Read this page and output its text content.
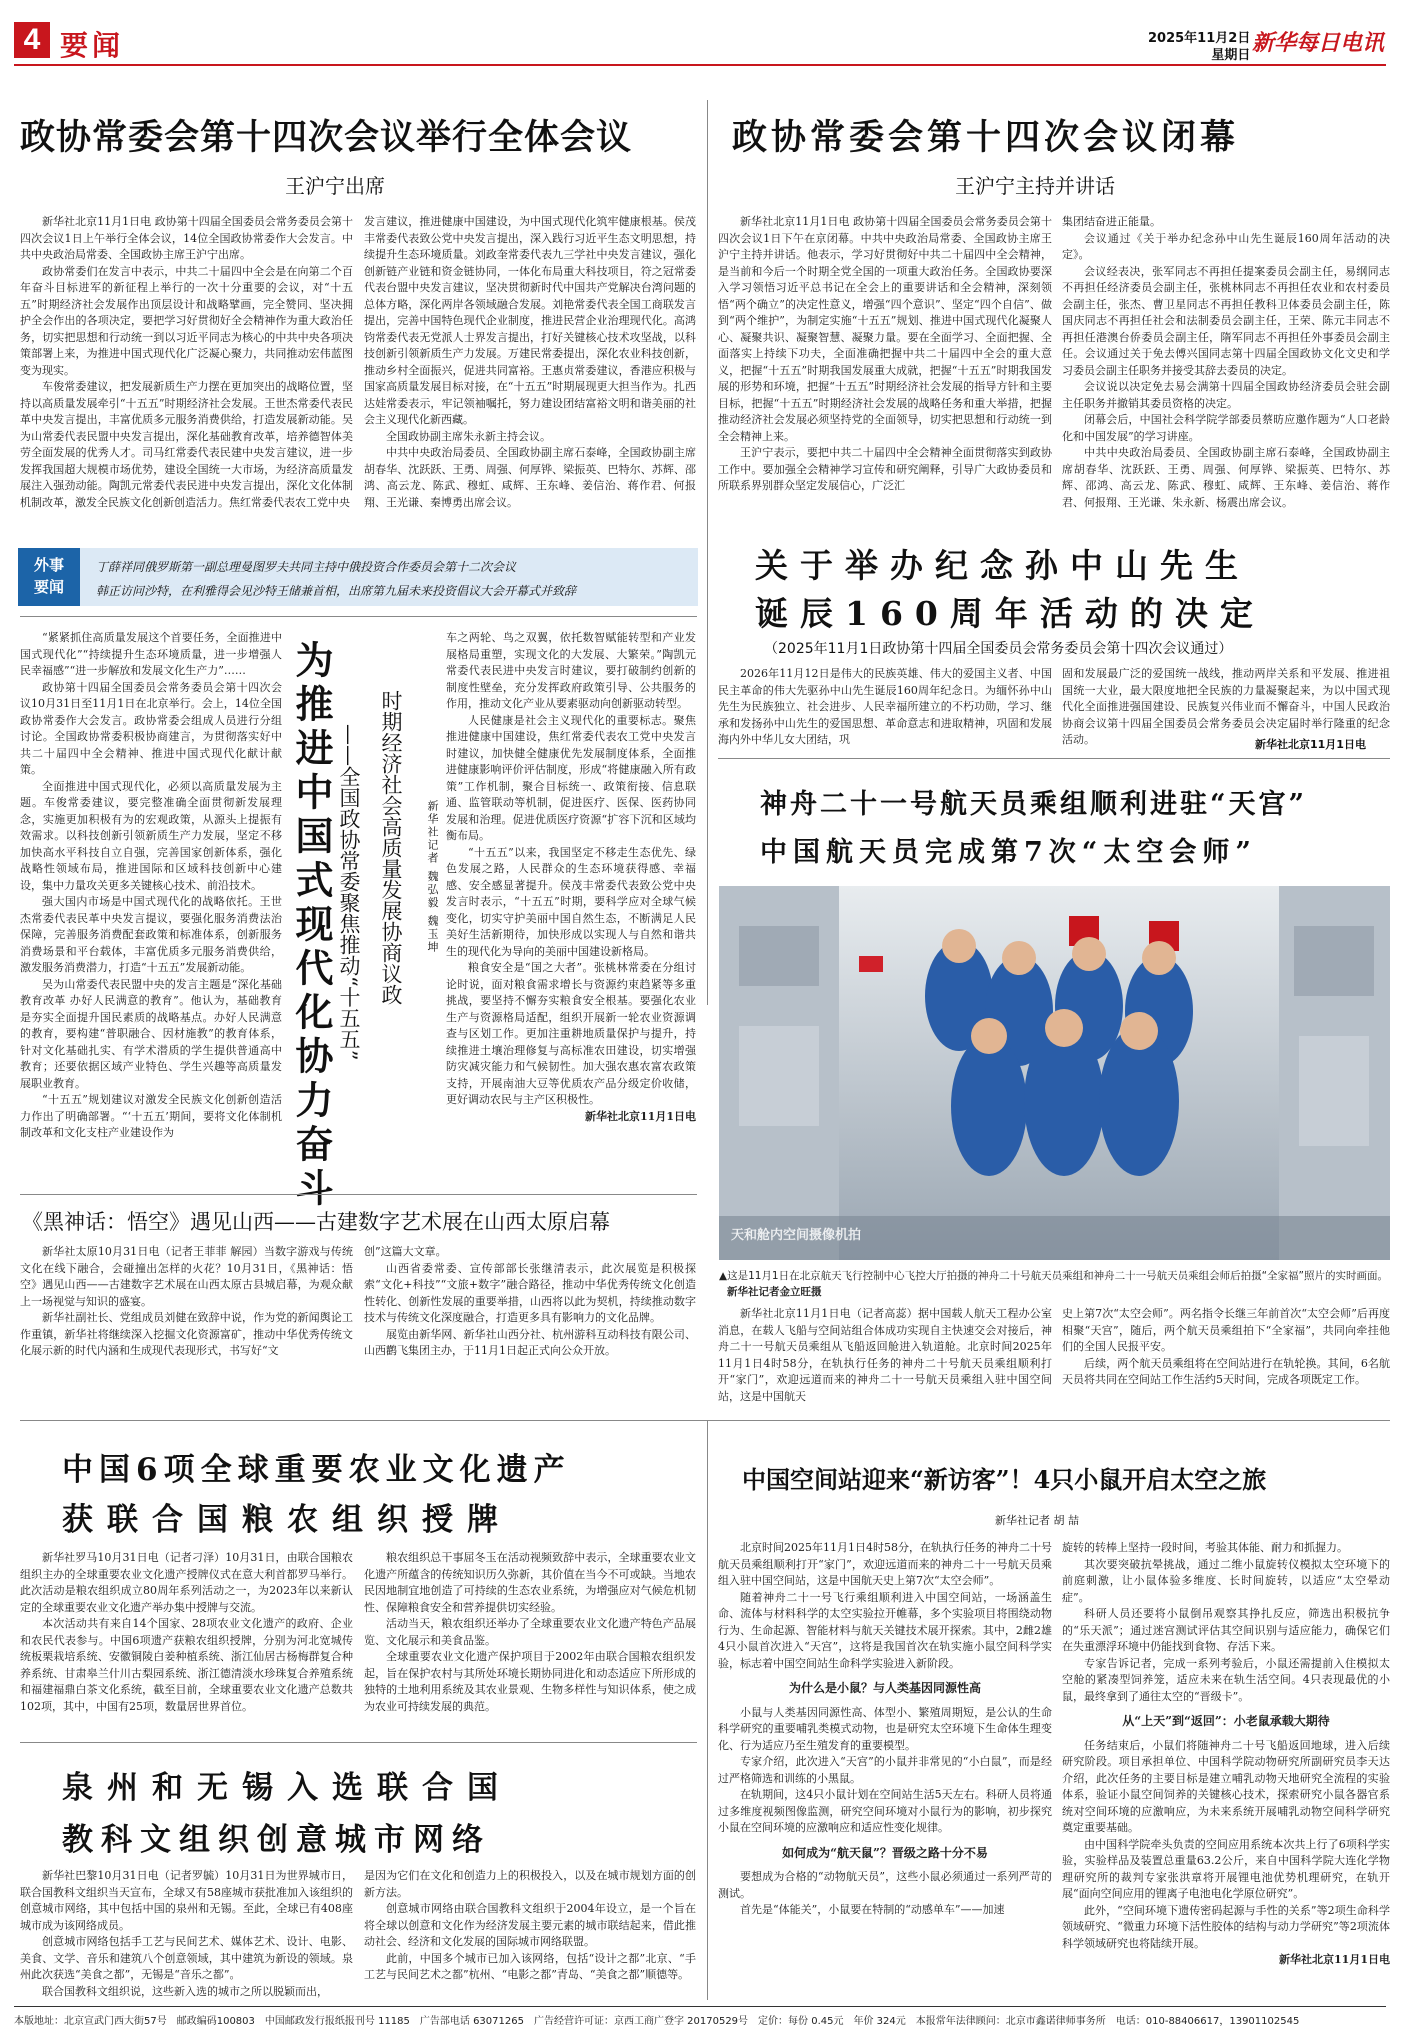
4 要闻	2025年11月2日
星期日 新华每日电讯
政协常委会第十四次会议举行全体会议
王沪宁出席

新华社北京11月1日电 政协第十四届全国委员会常务委员会第十四次会议1日上午举行全体会议，14位全国政协常委作大会发言。中共中央政治局常委、全国政协主席王沪宁出席。

政协常委们在发言中表示，中共二十届四中全会是在向第二个百年奋斗目标进军的新征程上举行的一次十分重要的会议，对“十五五”时期经济社会发展作出顶层设计和战略擘画，完全赞同、坚决拥护全会作出的各项决定，要把学习好贯彻好全会精神作为重大政治任务，切实把思想和行动统一到以习近平同志为核心的中共中央各项决策部署上来，为推进中国式现代化广泛凝心聚力，共同推动宏伟蓝图变为现实。

车俊常委建议，把发展新质生产力摆在更加突出的战略位置，坚持以高质量发展牵引“十五五”时期经济社会发展。王世杰常委代表民革中央发言提出，丰富优质多元服务消费供给，打造发展新动能。吴为山常委代表民盟中央发言提出，深化基础教育改革，培养德智体美劳全面发展的优秀人才。司马红常委代表民建中央发言建议，进一步发挥我国超大规模市场优势，建设全国统一大市场，为经济高质量发展注入强劲动能。陶凯元常委代表民进中央发言提出，深化文化体制机制改革，激发全民族文化创新创造活力。焦红常委代表农工党中央

发言建议，推进健康中国建设，为中国式现代化筑牢健康根基。侯茂丰常委代表致公党中央发言提出，深入践行习近平生态文明思想，持续提升生态环境质量。刘政奎常委代表九三学社中央发言建议，强化创新链产业链和资金链协同，一体化布局重大科技项目，符之冠常委代表台盟中央发言建议，坚决贯彻新时代中国共产党解决台湾问题的总体方略，深化两岸各领域融合发展。刘艳常委代表全国工商联发言提出，完善中国特色现代企业制度，推进民营企业治理现代化。高鸿钧常委代表无党派人士界发言提出，打好关键核心技术攻坚战，以科技创新引领新质生产力发展。万建民常委提出，深化农业科技创新，推动乡村全面振兴，促进共同富裕。王惠贞常委建议，香港应积极与国家高质量发展目标对接，在“十五五”时期展现更大担当作为。扎西达娃常委表示，牢记领袖嘱托，努力建设团结富裕文明和谐美丽的社会主义现代化新西藏。

全国政协副主席朱永新主持会议。

中共中央政治局委员、全国政协副主席石泰峰，全国政协副主席胡春华、沈跃跃、王勇、周强、何厚铧、梁振英、巴特尔、苏辉、邵鸿、高云龙、陈武、穆虹、咸辉、王东峰、姜信治、蒋作君、何报翔、王光谦、秦博勇出席会议。

政协常委会第十四次会议闭幕
王沪宁主持并讲话

新华社北京11月1日电 政协第十四届全国委员会常务委员会第十四次会议1日下午在京闭幕。中共中央政治局常委、全国政协主席王沪宁主持并讲话。他表示，学习好贯彻好中共二十届四中全会精神，是当前和今后一个时期全党全国的一项重大政治任务。全国政协要深入学习领悟习近平总书记在全会上的重要讲话和全会精神，深刻领悟“两个确立”的决定性意义，增强“四个意识”、坚定“四个自信”、做到“两个维护”，为制定实施“十五五”规划、推进中国式现代化凝聚人心、凝聚共识、凝聚智慧、凝聚力量。要在全面学习、全面把握、全面落实上持续下功夫，全面准确把握中共二十届四中全会的重大意义，把握“十五五”时期我国发展重大成就，把握“十五五”时期我国发展的形势和环境，把握“十五五”时期经济社会发展的指导方针和主要目标，把握“十五五”时期经济社会发展的战略任务和重大举措，把握推动经济社会发展必须坚持党的全面领导，切实把思想和行动统一到全会精神上来。

王沪宁表示，要把中共二十届四中全会精神全面贯彻落实到政协工作中。要加强全会精神学习宣传和研究阐释，引导广大政协委员和所联系界别群众坚定发展信心，广泛汇

集团结奋进正能量。

会议通过《关于举办纪念孙中山先生诞辰160周年活动的决定》。

会议经表决，张军同志不再担任提案委员会副主任，易纲同志不再担任经济委员会副主任，张桃林同志不再担任农业和农村委员会副主任，张杰、曹卫星同志不再担任教科卫体委员会副主任，陈国庆同志不再担任社会和法制委员会副主任，王荣、陈元丰同志不再担任港澳台侨委员会副主任，隋军同志不再担任外事委员会副主任。会议通过关于免去傅兴国同志第十四届全国政协文化文史和学习委员会副主任职务并接受其辞去委员的决定。

会议说以决定免去易会满第十四届全国政协经济委员会驻会副主任职务并撤销其委员资格的决定。

闭幕会后，中国社会科学院学部委员蔡昉应邀作题为“人口老龄化和中国发展”的学习讲座。

中共中央政治局委员、全国政协副主席石泰峰，全国政协副主席胡春华、沈跃跃、王勇、周强、何厚铧、梁振英、巴特尔、苏辉、邵鸿、高云龙、陈武、穆虹、咸辉、王东峰、姜信治、蒋作君、何报翔、王光谦、朱永新、杨震出席会议。

外事
要闻
丁薛祥同俄罗斯第一副总理曼图罗夫共同主持中俄投资合作委员会第十二次会议
韩正访问沙特，在利雅得会见沙特王储兼首相，出席第九届未来投资倡议大会开幕式并致辞
关于举办纪念孙中山先生
诞辰160周年活动的决定
（2025年11月1日政协第十四届全国委员会常务委员会第十四次会议通过）

2026年11月12日是伟大的民族英雄、伟大的爱国主义者、中国民主革命的伟大先驱孙中山先生诞辰160周年纪念日。为缅怀孙中山先生为民族独立、社会进步、人民幸福所建立的不朽功勋，学习、继承和发扬孙中山先生的爱国思想、革命意志和进取精神，巩固和发展海内外中华儿女大团结，巩

固和发展最广泛的爱国统一战线，推动两岸关系和平发展、推进祖国统一大业，最大限度地把全民族的力量凝聚起来，为以中国式现代化全面推进强国建设、民族复兴伟业而不懈奋斗，中国人民政治协商会议第十四届全国委员会常务委员会决定届时举行隆重的纪念活动。	新华社北京11月1日电
神舟二十一号航天员乘组顺利进驻“天宫”
中国航天员完成第7次“太空会师”
天和舱内空间摄像机拍
▲这是11月1日在北京航天飞行控制中心飞控大厅拍摄的神舟二十号航天员乘组和神舟二十一号航天员乘组会师后拍摄“全家福”照片的实时画面。 新华社记者金立旺摄

新华社北京11月1日电（记者高蕊）据中国载人航天工程办公室消息，在载人飞船与空间站组合体成功实现自主快速交会对接后，神舟二十一号航天员乘组从飞船返回舱进入轨道舱。北京时间2025年11月1日4时58分，在轨执行任务的神舟二十号航天员乘组顺利打开“家门”，欢迎远道而来的神舟二十一号航天员乘组入驻中国空间站，这是中国航天

史上第7次“太空会师”。两名指令长继三年前首次“太空会师”后再度相聚“天宫”，随后，两个航天员乘组拍下“全家福”，共同向牵挂他们的全国人民报平安。

后续，两个航天员乘组将在空间站进行在轨轮换。其间，6名航天员将共同在空间站工作生活约5天时间，完成各项既定工作。

“紧紧抓住高质量发展这个首要任务，全面推进中国式现代化”“持续提升生态环境质量，进一步增强人民幸福感”“进一步解放和发展文化生产力”……

政协第十四届全国委员会常务委员会第十四次会议10月31日至11月1日在北京举行。会上，14位全国政协常委作大会发言。政协常委会组成人员进行分组讨论。全国政协常委积极协商建言，为贯彻落实好中共二十届四中全会精神、推进中国式现代化献计献策。

全面推进中国式现代化，必须以高质量发展为主题。车俊常委建议，要完整准确全面贯彻新发展理念，实施更加积极有为的宏观政策，从源头上提振有效需求。以科技创新引领新质生产力发展，坚定不移加快高水平科技自立自强，完善国家创新体系，强化战略性领域布局，推进国际和区域科技创新中心建设，集中力量攻关更多关键核心技术、前沿技术。

强大国内市场是中国式现代化的战略依托。王世杰常委代表民革中央发言提议，要强化服务消费法治保障，完善服务消费配套政策和标准体系，创新服务消费场景和平台载体，丰富优质多元服务消费供给，激发服务消费潜力，打造“十五五”发展新动能。

吴为山常委代表民盟中央的发言主题是“深化基础教育改革 办好人民满意的教育”。他认为，基础教育是夯实全面提升国民素质的战略基点。办好人民满意的教育，要构建“普职融合、因材施教”的教育体系，针对文化基础扎实、有学术潜质的学生提供普通高中教育；还要依据区域产业特色、学生兴趣等高质量发展职业教育。

“十五五”规划建议对激发全民族文化创新创造活力作出了明确部署。“‘十五五’期间，要将文化体制机制改革和文化支柱产业建设作为	为推进中国式现代化协力奋斗 ——全国政协常委聚焦推动“十五五” 时期经济社会高质量发展协商议政 新华社记者 魏弘毅 魏玉坤

车之两轮、鸟之双翼，依托数智赋能转型和产业发展格局重塑，实现文化的大发展、大繁荣。”陶凯元常委代表民进中央发言时建议，要打破制约创新的制度性壁垒，充分发挥政府政策引导、公共服务的作用，推动文化产业从要素驱动向创新驱动转型。

人民健康是社会主义现代化的重要标志。聚焦推进健康中国建设，焦红常委代表农工党中央发言时建议，加快健全健康优先发展制度体系，全面推进健康影响评价评估制度，形成“将健康融入所有政策”工作机制，聚合目标统一、政策衔接、信息联通、监管联动等机制，促进医疗、医保、医药协同发展和治理。促进优质医疗资源“扩容下沉和区域均衡布局。

“十五五”以来，我国坚定不移走生态优先、绿色发展之路，人民群众的生态环境获得感、幸福感、安全感显著提升。侯茂丰常委代表致公党中央发言时表示，“十五五”时期，要科学应对全球气候变化，切实守护美丽中国自然生态，不断满足人民美好生活新期待，加快形成以实现人与自然和谐共生的现代化为导向的美丽中国建设新格局。

粮食安全是“国之大者”。张桃林常委在分组讨论时说，面对粮食需求增长与资源约束趋紧等多重挑战，要坚持不懈夯实粮食安全根基。要强化农业生产与资源格局适配，组织开展新一轮农业资源调查与区划工作。更加注重耕地质量保护与提升，持续推进土壤治理修复与高标准农田建设，切实增强防灾减灾能力和气候韧性。加大强农惠农富农政策支持，开展南油大豆等优质农产品分级定价收储，更好调动农民与主产区积极性。

新华社北京11月1日电

《黑神话：悟空》遇见山西——古建数字艺术展在山西太原启幕

新华社太原10月31日电（记者王菲菲 解园）当数字游戏与传统文化在线下融合，会碰撞出怎样的火花？10月31日，《黑神话：悟空》遇见山西——古建数字艺术展在山西太原古县城启幕，为观众献上一场视觉与知识的盛宴。

新华社副社长、党组成员刘健在致辞中说，作为党的新闻舆论工作重镇，新华社将继续深入挖掘文化资源富矿，推动中华优秀传统文化展示新的时代内涵和生成现代表现形式，书写好“文

创”这篇大文章。

山西省委常委、宣传部部长张继清表示，此次展览是积极探索“文化+科技”“文旅+数字”融合路径，推动中华优秀传统文化创造性转化、创新性发展的重要举措，山西将以此为契机，持续推动数字技术与传统文化深度融合，打造更多具有影响力的文化品牌。

展览由新华网、新华社山西分社、杭州游科互动科技有限公司、山西鹳飞集团主办，于11月1日起正式向公众开放。

中国6项全球重要农业文化遗产
获联合国粮农组织授牌

新华社罗马10月31日电（记者刁泽）10月31日，由联合国粮农组织主办的全球重要农业文化遗产授牌仪式在意大利首都罗马举行。此次活动是粮农组织成立80周年系列活动之一，为2023年以来新认定的全球重要农业文化遗产举办集中授牌与交流。

本次活动共有来自14个国家、28项农业文化遗产的政府、企业和农民代表参与。中国6项遗产获粮农组织授牌，分别为河北宽城传统板栗栽培系统、安徽铜陵白姜种植系统、浙江仙居古杨梅群复合种养系统、甘肃皋兰什川古梨园系统、浙江德清淡水珍珠复合养殖系统和福建福鼎白茶文化系统，截至目前，全球重要农业文化遗产总数共102项，其中，中国有25项，数量居世界首位。

粮农组织总干事屈冬玉在活动视频致辞中表示，全球重要农业文化遗产所蕴含的传统知识历久弥新，其价值在当今不可或缺。当地农民因地制宜地创造了可持续的生态农业系统，为增强应对气候危机韧性、保障粮食安全和营养提供切实经验。

活动当天，粮农组织还举办了全球重要农业文化遗产特色产品展览、文化展示和美食品鉴。

全球重要农业文化遗产保护项目于2002年由联合国粮农组织发起，旨在保护农村与其所处环境长期协同进化和动态适应下所形成的独特的土地利用系统及其农业景观、生物多样性与知识体系，使之成为农业可持续发展的典范。

泉州和无锡入选联合国
教科文组织创意城市网络

新华社巴黎10月31日电（记者罗毓）10月31日为世界城市日，联合国教科文组织当天宣布，全球又有58座城市获批准加入该组织的创意城市网络，其中包括中国的泉州和无锡。至此，全球已有408座城市成为该网络成员。

创意城市网络包括手工艺与民间艺术、媒体艺术、设计、电影、美食、文学、音乐和建筑八个创意领域，其中建筑为新设的领域。泉州此次获选“美食之都”，无锡是“音乐之都”。

联合国教科文组织说，这些新入选的城市之所以脱颖而出，

是因为它们在文化和创造力上的积极投入，以及在城市规划方面的创新方法。

创意城市网络由联合国教科文组织于2004年设立，是一个旨在将全球以创意和文化作为经济发展主要元素的城市联结起来，借此推动社会、经济和文化发展的国际城市网络联盟。

此前，中国多个城市已加入该网络，包括“设计之都”北京、“手工艺与民间艺术之都”杭州、“电影之都”青岛、“美食之都”顺德等。

中国空间站迎来“新访客”！4只小鼠开启太空之旅
新华社记者 胡 喆

北京时间2025年11月1日4时58分，在轨执行任务的神舟二十号航天员乘组顺利打开“家门”，欢迎远道而来的神舟二十一号航天员乘组入驻中国空间站，这是中国航天史上第7次“太空会师”。

随着神舟二十一号飞行乘组顺利进入中国空间站，一场涵盖生命、流体与材料科学的太空实验拉开帷幕，多个实验项目将围绕动物行为、生命起源、智能材料与航天关键技术展开探索。其中，2雌2雄4只小鼠首次进入“天宫”，这将是我国首次在轨实施小鼠空间科学实验，标志着中国空间站生命科学实验进入新阶段。

为什么是小鼠？与人类基因同源性高

小鼠与人类基因同源性高、体型小、繁殖周期短，是公认的生命科学研究的重要哺乳类模式动物，也是研究太空环境下生命体生理变化、行为适应乃至生殖发育的重要模型。

专家介绍，此次进入“天宫”的小鼠并非常见的“小白鼠”，而是经过严格筛选和训练的小黑鼠。

在轨期间，这4只小鼠计划在空间站生活5天左右。科研人员将通过多维度视频图像监测，研究空间环境对小鼠行为的影响，初步探究小鼠在空间环境的应激响应和适应性变化规律。

如何成为“航天鼠”？晋级之路十分不易

要想成为合格的“动物航天员”，这些小鼠必须通过一系列严苛的测试。

首先是“体能关”，小鼠要在特制的“动感单车”——加速

旋转的转棒上坚持一段时间，考验其体能、耐力和抓握力。

其次要突破抗晕挑战，通过二维小鼠旋转仪模拟太空环境下的前庭刺激，让小鼠体验多维度、长时间旋转，以适应“太空晕动症”。

科研人员还要将小鼠倒吊观察其挣扎反应，筛选出积极抗争的“乐天派”；通过迷宫测试评估其空间识别与适应能力，确保它们在失重漂浮环境中仍能找到食物、存活下来。

专家告诉记者，完成一系列考验后，小鼠还需提前入住模拟太空舱的紧凑型饲养笼，适应未来在轨生活空间。4只表现最优的小鼠，最终拿到了通往太空的“晋级卡”。

从“上天”到“返回”：小老鼠承载大期待

任务结束后，小鼠们将随神舟二十号飞船返回地球，进入后续研究阶段。项目承担单位、中国科学院动物研究所副研究员李天达介绍，此次任务的主要目标是建立哺乳动物天地研究全流程的实验体系，验证小鼠空间饲养的关键核心技术，探索研究小鼠各器官系统对空间环境的应激响应，为未来系统开展哺乳动物空间科学研究奠定重要基础。

由中国科学院牵头负责的空间应用系统本次共上行了6项科学实验，实验样品及装置总重量63.2公斤，来自中国科学院大连化学物理研究所的裁判专家张洪章将开展锂电池优势机理研究，在轨开展“面向空间应用的锂离子电池电化学原位研究”。

此外，“空间环境下遗传密码起源与手性的关系”等2项生命科学领域研究、“微重力环境下活性胶体的结构与动力学研究”等2项流体科学领域研究也将陆续开展。

新华社北京11月1日电

本版地址：北京宣武门西大街57号　邮政编码100803　中国邮政发行报纸报刊号 11185　广告部电话 63071265　广告经营许可证：京西工商广登字 20170529号　定价：每份 0.45元　年价 324元　本报常年法律顾问：北京市鑫诺律师事务所　电话：010-88406617，13901102545
